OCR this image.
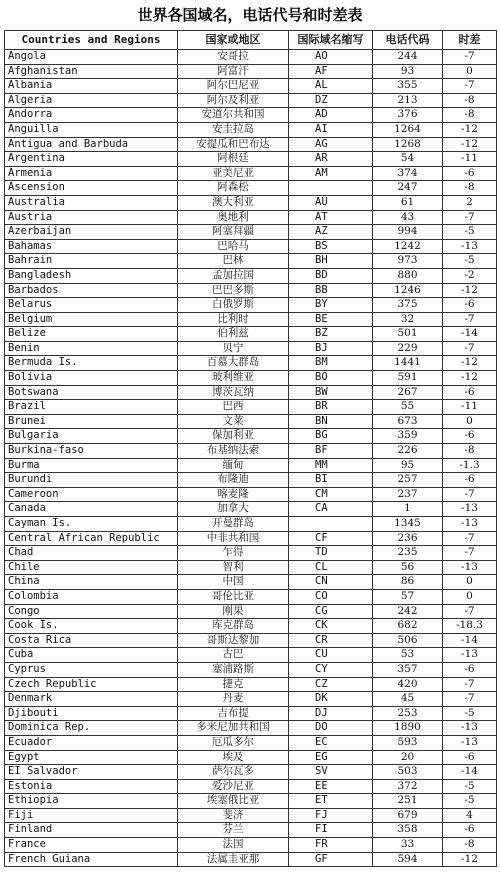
世界各国域名，电话代号和时差表
Countries and Regions	国家或地区	国际域名缩写	电话代码	时差
Angola	安哥拉	AO	244	-7
Afghanistan	阿富汗	AF	93	0
Albania	阿尔巴尼亚	AL	355	-7
Algeria	阿尔及利亚	DZ	213	-8
Andorra	安道尔共和国	AD	376	-8
Anguilla	安圭拉岛	AI	1264	-12
Antigua and Barbuda	安提瓜和巴布达	AG	1268	-12
Argentina	阿根廷	AR	54	-11
Armenia	亚美尼亚	AM	374	-6
Ascension	阿森松		247	-8
Australia	澳大利亚	AU	61	2
Austria	奥地利	AT	43	-7
Azerbaijan	阿塞拜疆	AZ	994	-5
Bahamas	巴哈马	BS	1242	-13
Bahrain	巴林	BH	973	-5
Bangladesh	孟加拉国	BD	880	-2
Barbados	巴巴多斯	BB	1246	-12
Belarus	白俄罗斯	BY	375	-6
Belgium	比利时	BE	32	-7
Belize	伯利兹	BZ	501	-14
Benin	贝宁	BJ	229	-7
Bermuda Is.	百慕大群岛	BM	1441	-12
Bolivia	玻利维亚	BO	591	-12
Botswana	博茨瓦纳	BW	267	-6
Brazil	巴西	BR	55	-11
Brunei	文莱	BN	673	0
Bulgaria	保加利亚	BG	359	-6
Burkina-faso	布基纳法索	BF	226	-8
Burma	缅甸	MM	95	-1.3
Burundi	布隆迪	BI	257	-6
Cameroon	喀麦隆	CM	237	-7
Canada	加拿大	CA	1	-13
Cayman Is.	开曼群岛		1345	-13
Central African Republic	中非共和国	CF	236	-7
Chad	乍得	TD	235	-7
Chile	智利	CL	56	-13
China	中国	CN	86	0
Colombia	哥伦比亚	CO	57	0
Congo	刚果	CG	242	-7
Cook Is.	库克群岛	CK	682	-18.3
Costa Rica	哥斯达黎加	CR	506	-14
Cuba	古巴	CU	53	-13
Cyprus	塞浦路斯	CY	357	-6
Czech Republic	捷克	CZ	420	-7
Denmark	丹麦	DK	45	-7
Djibouti	吉布提	DJ	253	-5
Dominica Rep.	多米尼加共和国	DO	1890	-13
Ecuador	厄瓜多尔	EC	593	-13
Egypt	埃及	EG	20	-6
EI Salvador	萨尔瓦多	SV	503	-14
Estonia	爱沙尼亚	EE	372	-5
Ethiopia	埃塞俄比亚	ET	251	-5
Fiji	斐济	FJ	679	4
Finland	芬兰	FI	358	-6
France	法国	FR	33	-8
French Guiana	法属圭亚那	GF	594	-12
